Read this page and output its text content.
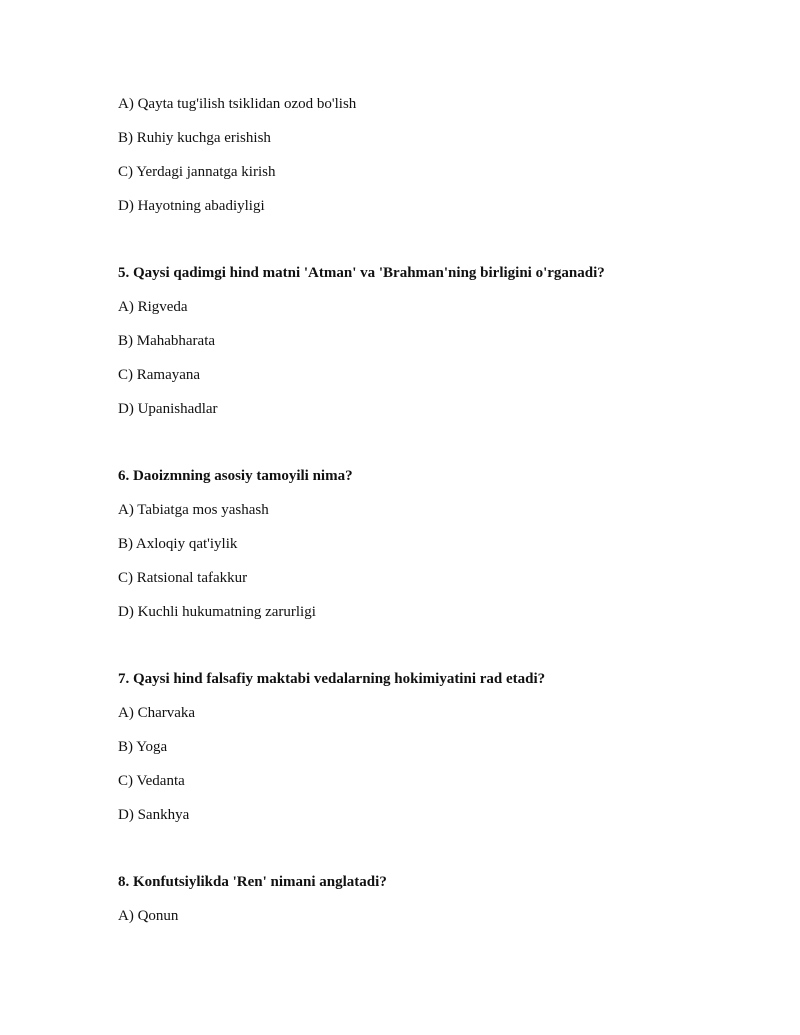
A) Qayta tug'ilish tsiklidan ozod bo'lish
B) Ruhiy kuchga erishish
C) Yerdagi jannatga kirish
D) Hayotning abadiyligi
5. Qaysi qadimgi hind matni 'Atman' va 'Brahman'ning birligini o'rganadi?
A) Rigveda
B) Mahabharata
C) Ramayana
D) Upanishadlar
6. Daoizmning asosiy tamoyili nima?
A) Tabiatga mos yashash
B) Axloqiy qat'iylik
C) Ratsional tafakkur
D) Kuchli hukumatning zarurligi
7. Qaysi hind falsafiy maktabi vedalarning hokimiyatini rad etadi?
A) Charvaka
B) Yoga
C) Vedanta
D) Sankhya
8. Konfutsiylikda 'Ren' nimani anglatadi?
A) Qonun
